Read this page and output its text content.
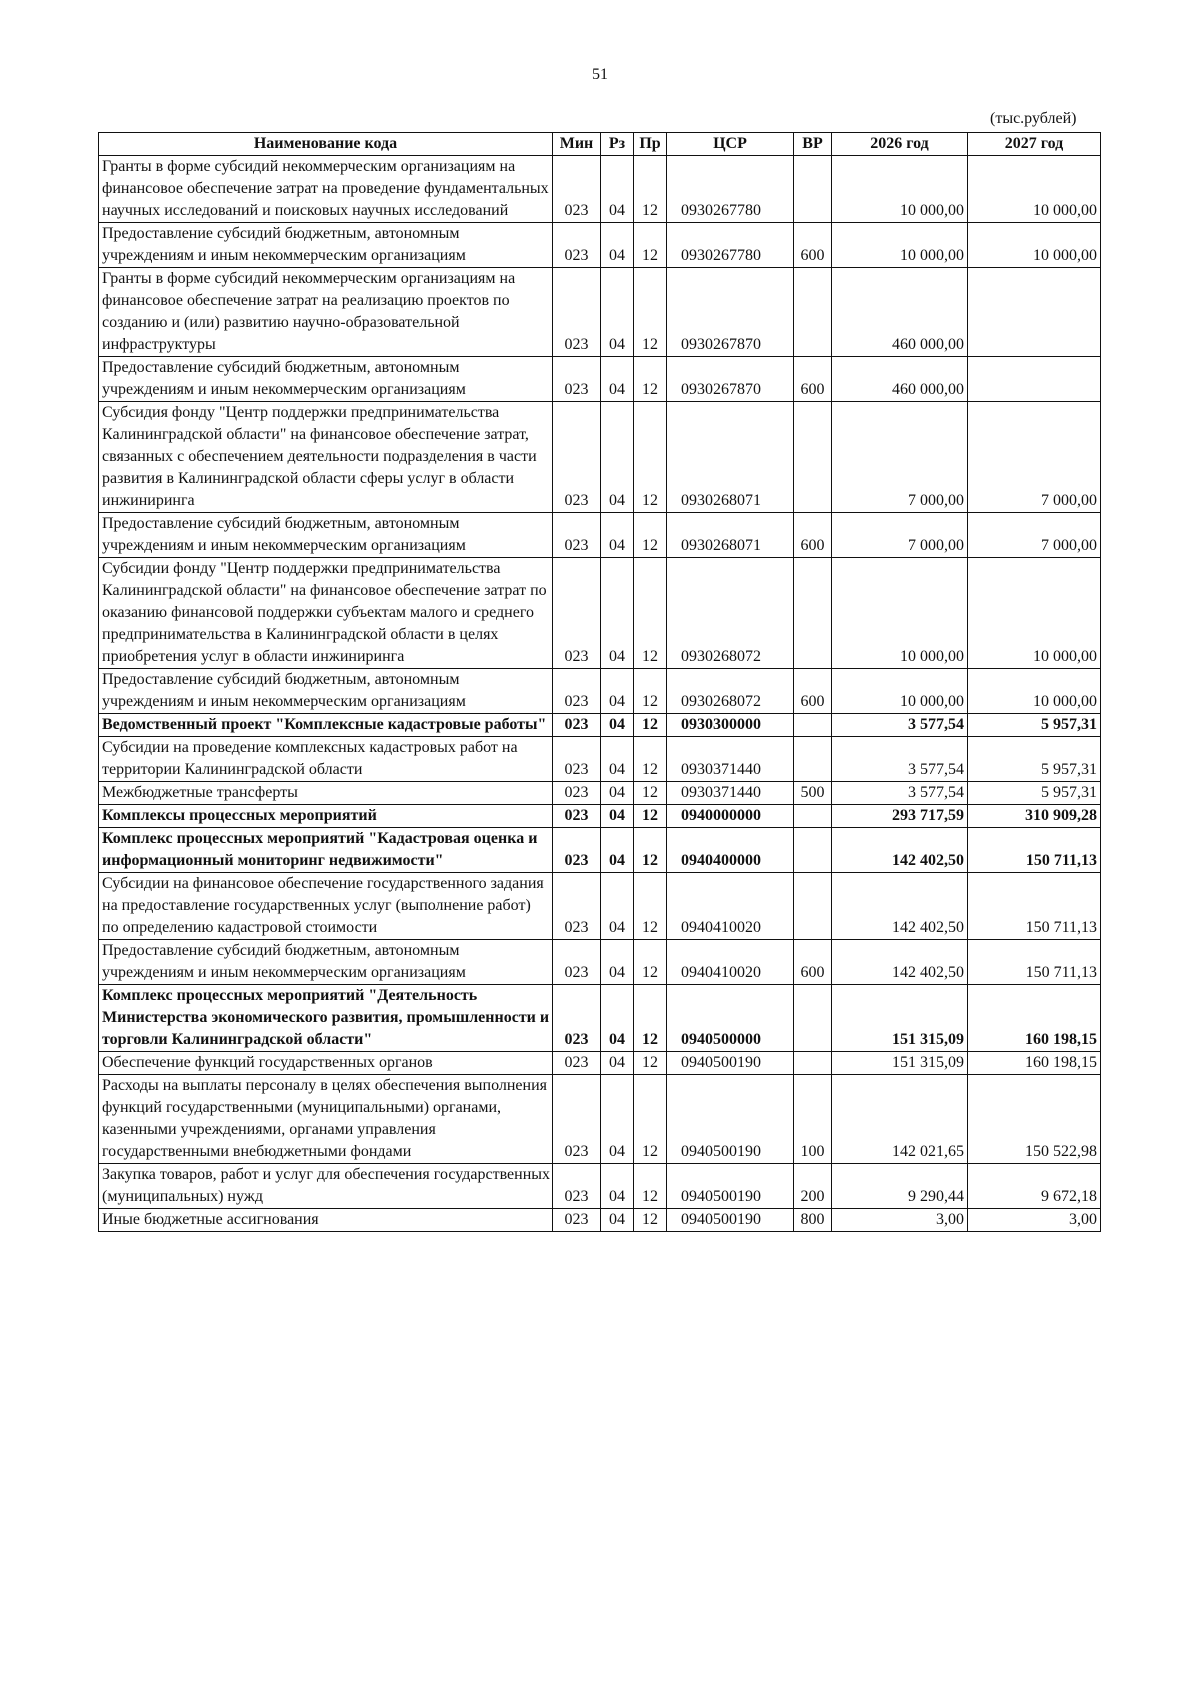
51
(тыс.рублей)
Наименование кода	Мин	Рз	Пр	ЦСР	ВР	2026 год	2027 год
Гранты в форме субсидий некоммерческим организациям на финансовое обеспечение затрат на проведение фундаментальных научных исследований и поисковых научных исследований	023	04	12	0930267780		10 000,00	10 000,00
Предоставление субсидий бюджетным, автономным учреждениям и иным некоммерческим организациям	023	04	12	0930267780	600	10 000,00	10 000,00
Гранты в форме субсидий некоммерческим организациям на финансовое обеспечение затрат на реализацию проектов по созданию и (или) развитию научно-образовательной инфраструктуры	023	04	12	0930267870		460 000,00	
Предоставление субсидий бюджетным, автономным учреждениям и иным некоммерческим организациям	023	04	12	0930267870	600	460 000,00	
Субсидия фонду "Центр поддержки предпринимательства Калининградской области" на финансовое обеспечение затрат, связанных с обеспечением деятельности подразделения в части развития в Калининградской области сферы услуг в области инжиниринга	023	04	12	0930268071		7 000,00	7 000,00
Предоставление субсидий бюджетным, автономным учреждениям и иным некоммерческим организациям	023	04	12	0930268071	600	7 000,00	7 000,00
Субсидии фонду "Центр поддержки предпринимательства Калининградской области" на финансовое обеспечение затрат по оказанию финансовой поддержки субъектам малого и среднего предпринимательства в Калининградской области в целях приобретения услуг в области инжиниринга	023	04	12	0930268072		10 000,00	10 000,00
Предоставление субсидий бюджетным, автономным учреждениям и иным некоммерческим организациям	023	04	12	0930268072	600	10 000,00	10 000,00
Ведомственный проект "Комплексные кадастровые работы"	023	04	12	0930300000		3 577,54	5 957,31
Субсидии на проведение комплексных кадастровых работ на территории Калининградской области	023	04	12	0930371440		3 577,54	5 957,31
Межбюджетные трансферты	023	04	12	0930371440	500	3 577,54	5 957,31
Комплексы процессных мероприятий	023	04	12	0940000000		293 717,59	310 909,28
Комплекс процессных мероприятий "Кадастровая оценка и информационный мониторинг недвижимости"	023	04	12	0940400000		142 402,50	150 711,13
Субсидии на финансовое обеспечение государственного задания на предоставление государственных услуг (выполнение работ) по определению кадастровой стоимости	023	04	12	0940410020		142 402,50	150 711,13
Предоставление субсидий бюджетным, автономным учреждениям и иным некоммерческим организациям	023	04	12	0940410020	600	142 402,50	150 711,13
Комплекс процессных мероприятий "Деятельность Министерства экономического развития, промышленности и торговли Калининградской области"	023	04	12	0940500000		151 315,09	160 198,15
Обеспечение функций государственных органов	023	04	12	0940500190		151 315,09	160 198,15
Расходы на выплаты персоналу в целях обеспечения выполнения функций государственными (муниципальными) органами, казенными учреждениями, органами управления государственными внебюджетными фондами	023	04	12	0940500190	100	142 021,65	150 522,98
Закупка товаров, работ и услуг для обеспечения государственных (муниципальных) нужд	023	04	12	0940500190	200	9 290,44	9 672,18
Иные бюджетные ассигнования	023	04	12	0940500190	800	3,00	3,00
